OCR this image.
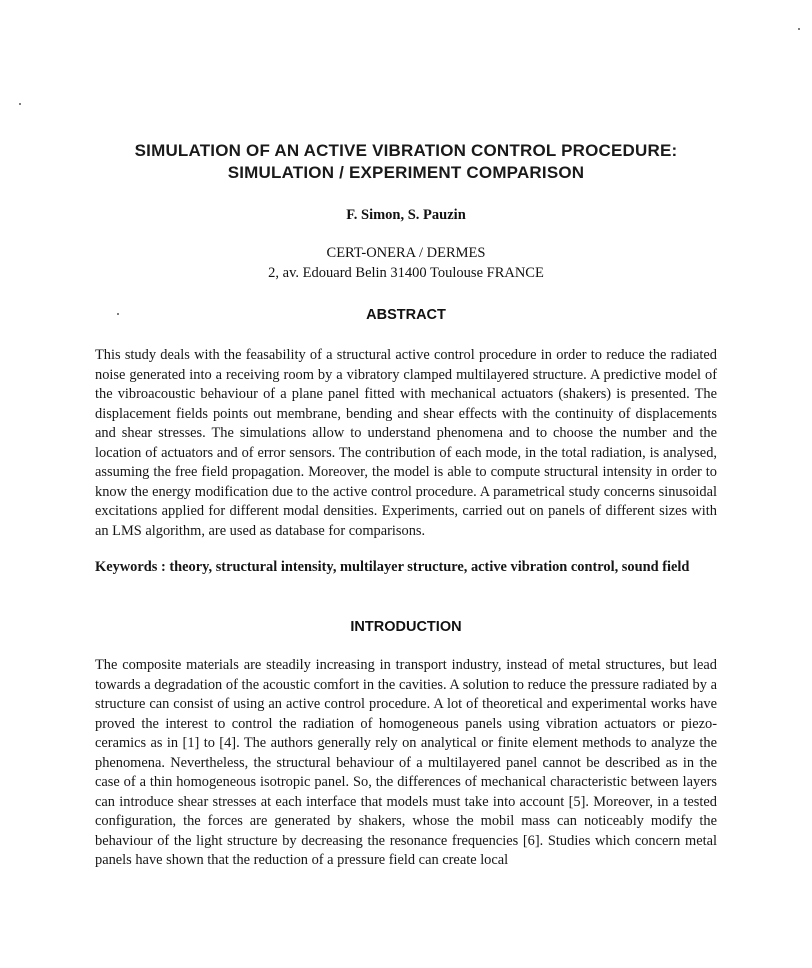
SIMULATION OF AN ACTIVE VIBRATION CONTROL PROCEDURE:
SIMULATION / EXPERIMENT COMPARISON
F. Simon, S. Pauzin
CERT-ONERA / DERMES
2, av. Edouard Belin 31400 Toulouse FRANCE
ABSTRACT
This study deals with the feasability of a structural active control procedure in order to reduce the radiated noise generated into a receiving room by a vibratory clamped multilayered structure. A predictive model of the vibroacoustic behaviour of a plane panel fitted with mechanical actuators (shakers) is presented. The displacement fields points out membrane, bending and shear effects with the continuity of displacements and shear stresses. The simulations allow to understand phenomena and to choose the number and the location of actuators and of error sensors. The contribution of each mode, in the total radiation, is analysed, assuming the free field propagation. Moreover, the model is able to compute structural intensity in order to know the energy modification due to the active control procedure. A parametrical study concerns sinusoidal excitations applied for different modal densities. Experiments, carried out on panels of different sizes with an LMS algorithm, are used as database for comparisons.
Keywords : theory, structural intensity, multilayer structure, active vibration control, sound field
INTRODUCTION
The composite materials are steadily increasing in transport industry, instead of metal structures, but lead towards a degradation of the acoustic comfort in the cavities. A solution to reduce the pressure radiated by a structure can consist of using an active control procedure. A lot of theoretical and experimental works have proved the interest to control the radiation of homogeneous panels using vibration actuators or piezo-ceramics as in [1] to [4]. The authors generally rely on analytical or finite element methods to analyze the phenomena. Nevertheless, the structural behaviour of a multilayered panel cannot be described as in the case of a thin homogeneous isotropic panel. So, the differences of mechanical characteristic between layers can introduce shear stresses at each interface that models must take into account [5]. Moreover, in a tested configuration, the forces are generated by shakers, whose the mobil mass can noticeably modify the behaviour of the light structure by decreasing the resonance frequencies [6]. Studies which concern metal panels have shown that the reduction of a pressure field can create local
